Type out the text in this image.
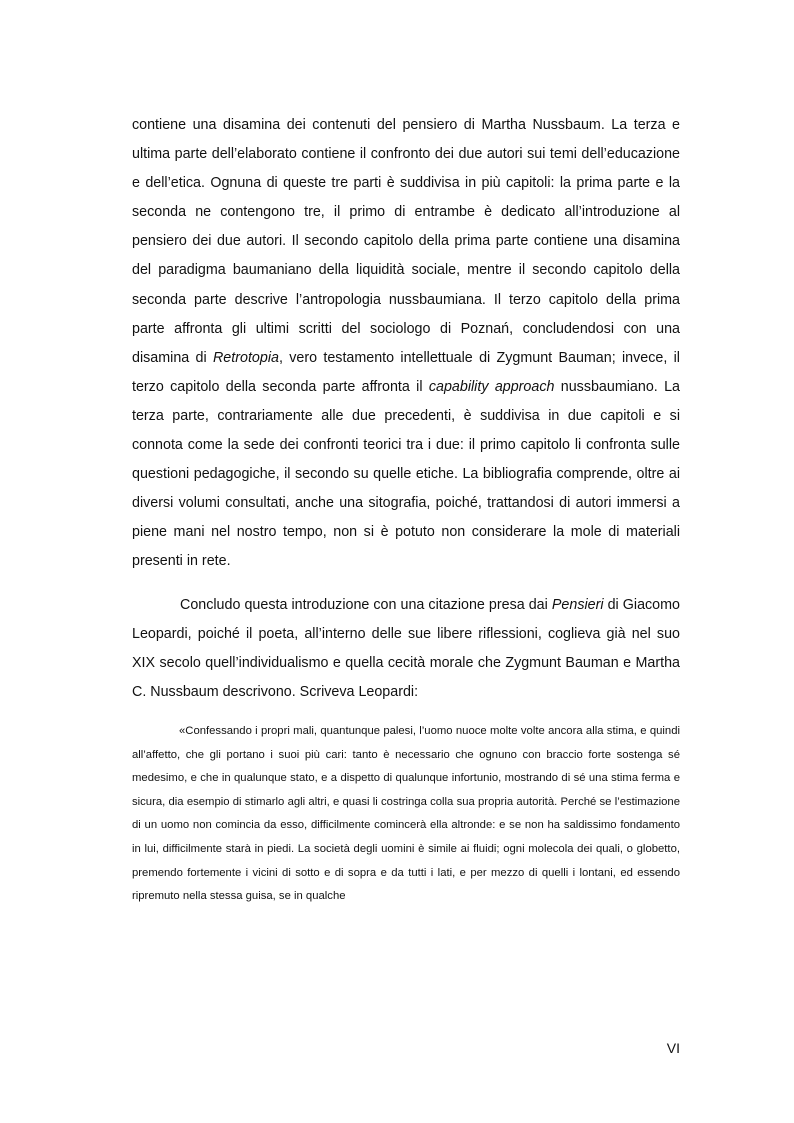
contiene una disamina dei contenuti del pensiero di Martha Nussbaum. La terza e ultima parte dell’elaborato contiene il confronto dei due autori sui temi dell’educazione e dell’etica. Ognuna di queste tre parti è suddivisa in più capitoli: la prima parte e la seconda ne contengono tre, il primo di entrambe è dedicato all’introduzione al pensiero dei due autori. Il secondo capitolo della prima parte contiene una disamina del paradigma baumaniano della liquidità sociale, mentre il secondo capitolo della seconda parte descrive l’antropologia nussbaumiana. Il terzo capitolo della prima parte affronta gli ultimi scritti del sociologo di Poznań, concludendosi con una disamina di Retrotopia, vero testamento intellettuale di Zygmunt Bauman; invece, il terzo capitolo della seconda parte affronta il capability approach nussbaumiano. La terza parte, contrariamente alle due precedenti, è suddivisa in due capitoli e si connota come la sede dei confronti teorici tra i due: il primo capitolo li confronta sulle questioni pedagogiche, il secondo su quelle etiche. La bibliografia comprende, oltre ai diversi volumi consultati, anche una sitografia, poiché, trattandosi di autori immersi a piene mani nel nostro tempo, non si è potuto non considerare la mole di materiali presenti in rete.

Concludo questa introduzione con una citazione presa dai Pensieri di Giacomo Leopardi, poiché il poeta, all’interno delle sue libere riflessioni, coglieva già nel suo XIX secolo quell’individualismo e quella cecità morale che Zygmunt Bauman e Martha C. Nussbaum descrivono. Scriveva Leopardi:

«Confessando i propri mali, quantunque palesi, l’uomo nuoce molte volte ancora alla stima, e quindi all’affetto, che gli portano i suoi più cari: tanto è necessario che ognuno con braccio forte sostenga sé medesimo, e che in qualunque stato, e a dispetto di qualunque infortunio, mostrando di sé una stima ferma e sicura, dia esempio di stimarlo agli altri, e quasi li costringa colla sua propria autorità. Perché se l’estimazione di un uomo non comincia da esso, difficilmente comincerà ella altronde: e se non ha saldissimo fondamento in lui, difficilmente starà in piedi. La società degli uomini è simile ai fluidi; ogni molecola dei quali, o globetto, premendo fortemente i vicini di sotto e di sopra e da tutti i lati, e per mezzo di quelli i lontani, ed essendo ripremuto nella stessa guisa, se in qualche

VI
